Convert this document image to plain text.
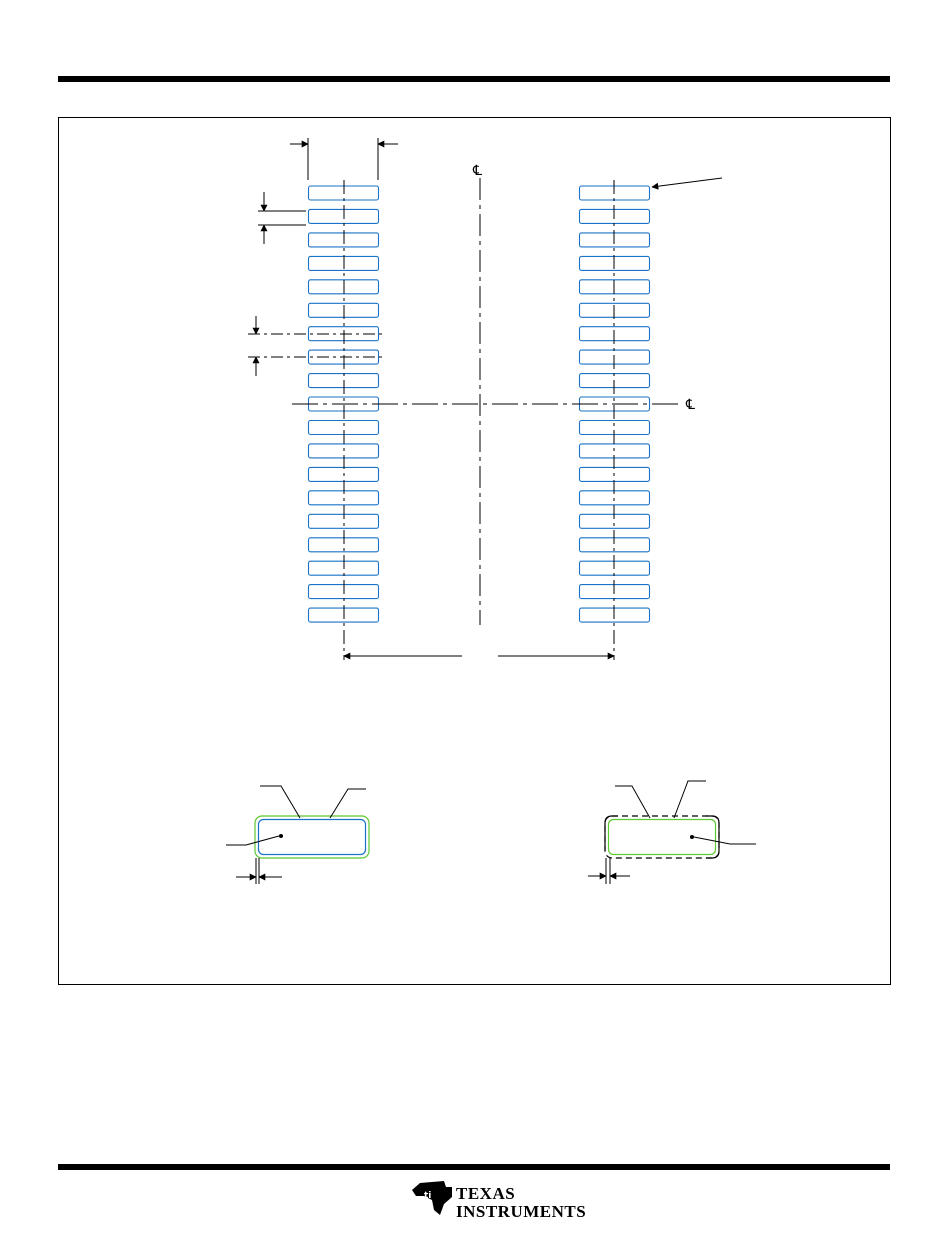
℄
℄
ti TEXAS
INSTRUMENTS
